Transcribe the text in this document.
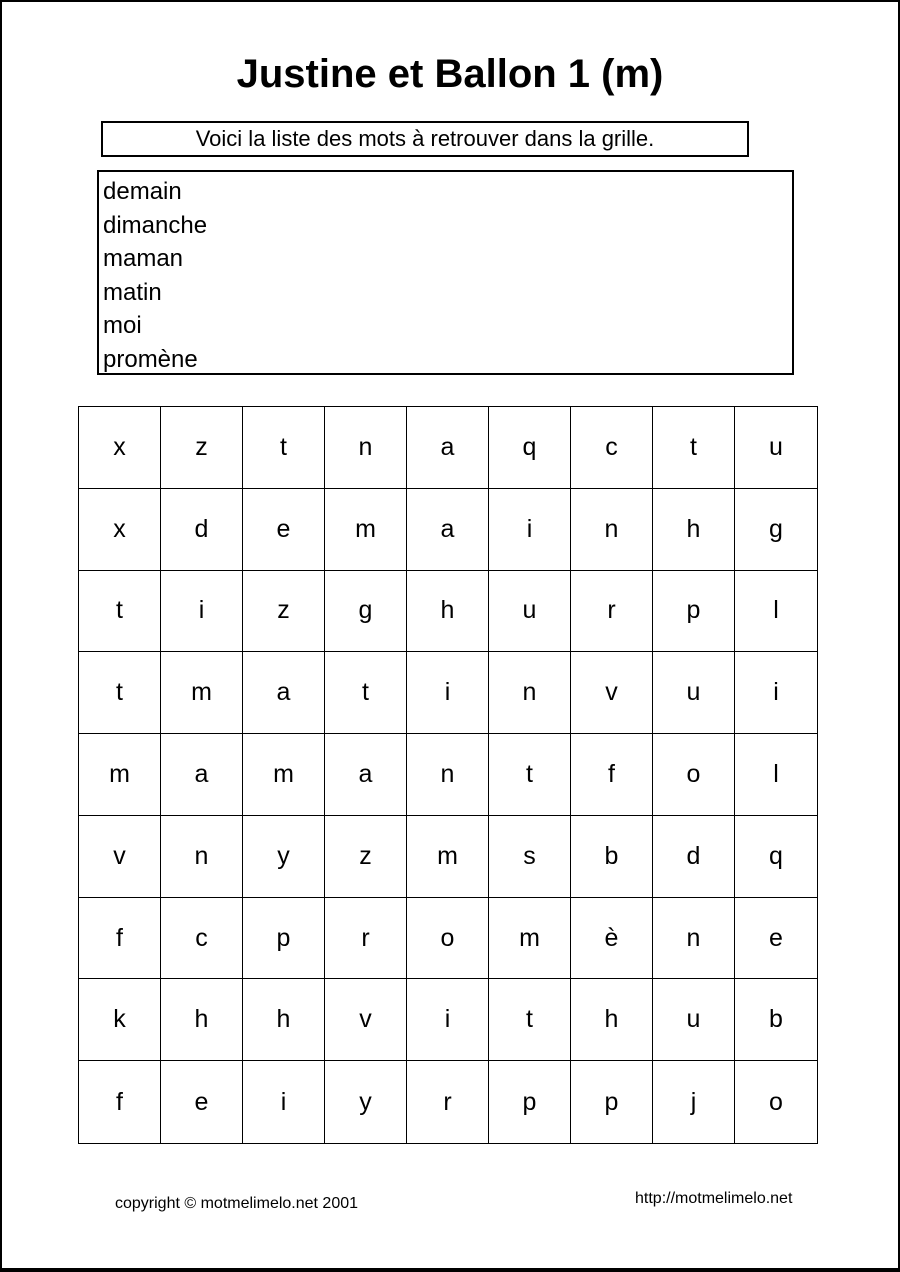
Justine et Ballon 1 (m)
Voici la liste des mots à retrouver dans la grille.
demain
dimanche
maman
matin
moi
promène
x	z	t	n	a	q	c	t	u
x	d	e	m	a	i	n	h	g
t	i	z	g	h	u	r	p	l
t	m	a	t	i	n	v	u	i
m	a	m	a	n	t	f	o	l
v	n	y	z	m	s	b	d	q
f	c	p	r	o	m	è	n	e
k	h	h	v	i	t	h	u	b
f	e	i	y	r	p	p	j	o
copyright © motmelimelo.net 2001	http://motmelimelo.net
